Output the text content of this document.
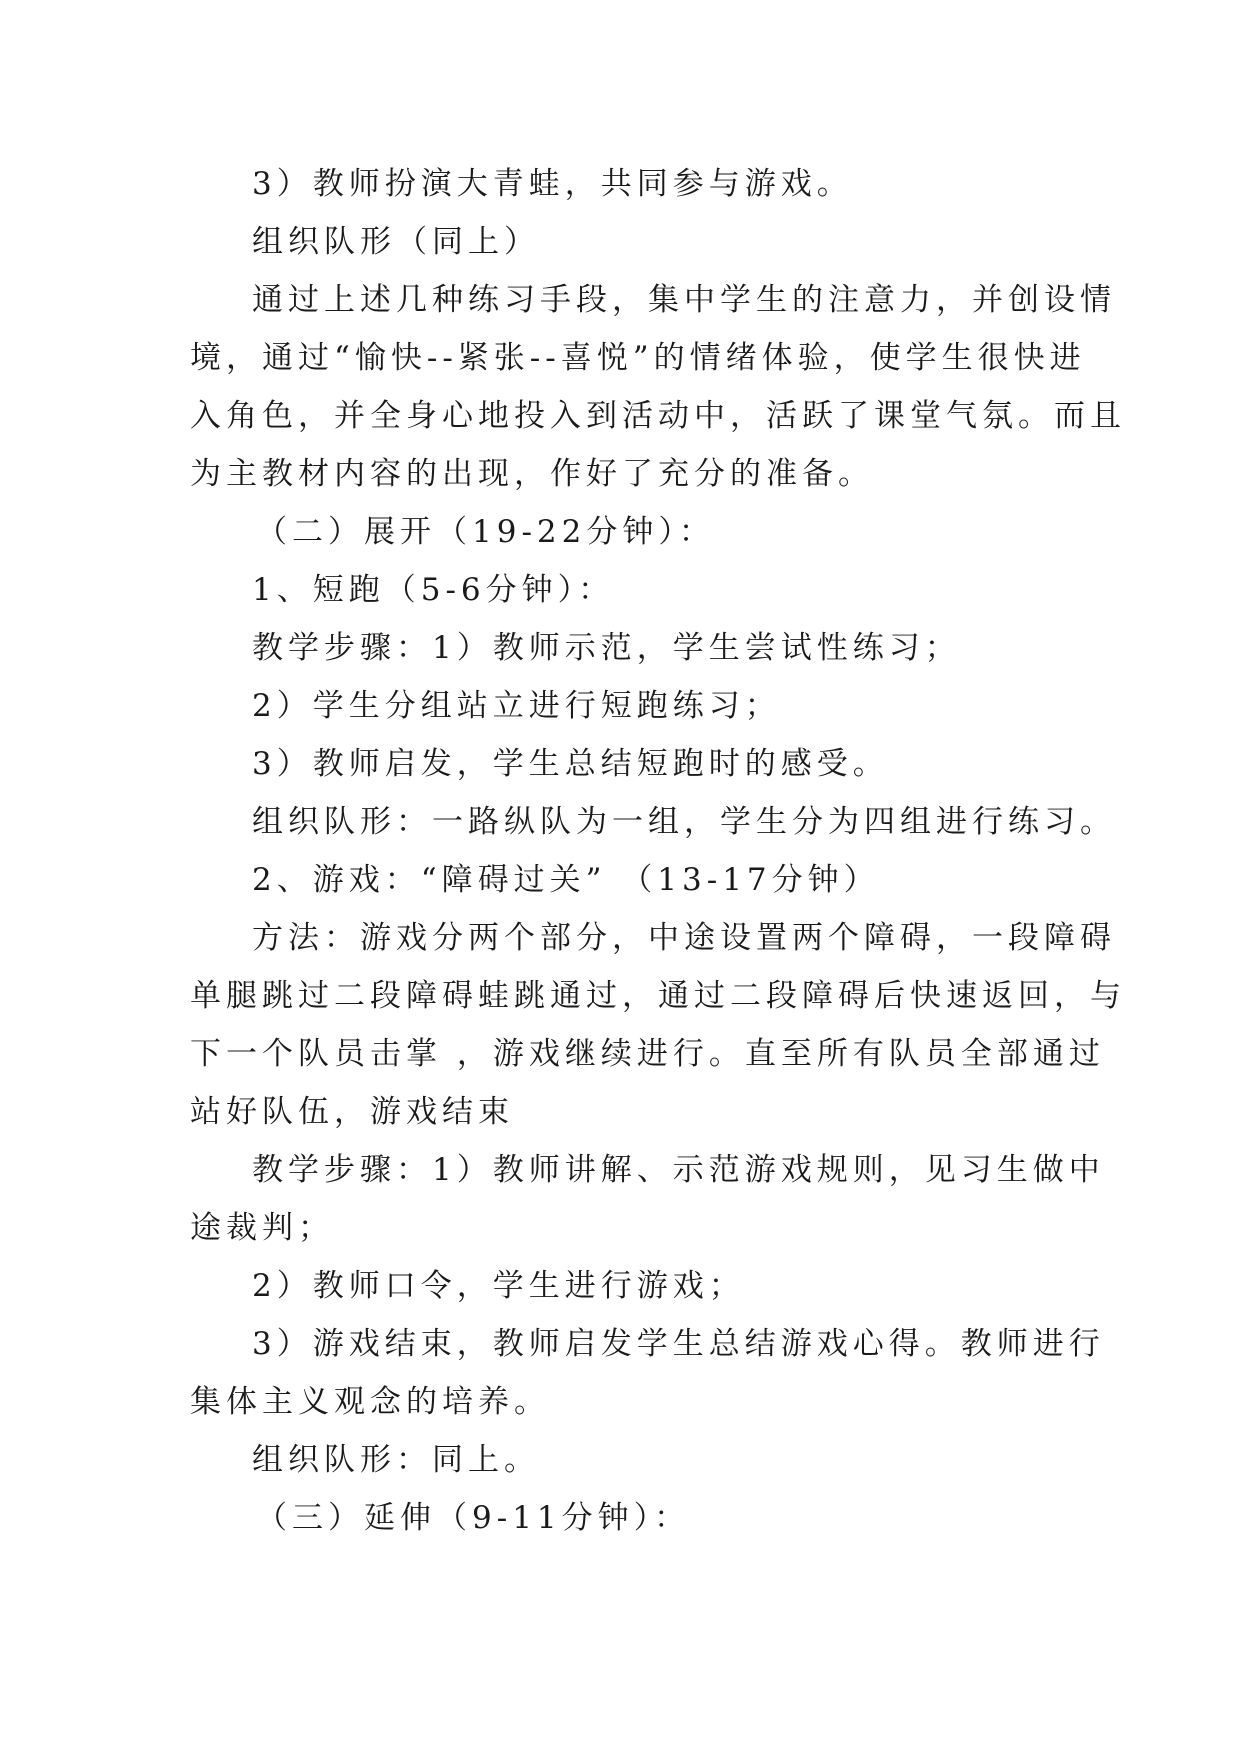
3）教师扮演大青蛙，共同参与游戏。
组织队形（同上）
通过上述几种练习手段，集中学生的注意力，并创设情
境，通过“愉快--紧张--喜悦”的情绪体验，使学生很快进
入角色，并全身心地投入到活动中，活跃了课堂气氛。而且
为主教材内容的出现，作好了充分的准备。
（二）展开（19-22分钟）：
1、短跑（5-6分钟）：
教学步骤：1）教师示范，学生尝试性练习；
2）学生分组站立进行短跑练习；
3）教师启发，学生总结短跑时的感受。
组织队形：一路纵队为一组，学生分为四组进行练习。
2、游戏：“障碍过关” （13-17分钟）
方法：游戏分两个部分，中途设置两个障碍，一段障碍
单腿跳过二段障碍蛙跳通过，通过二段障碍后快速返回，与
下一个队员击掌 ，游戏继续进行。直至所有队员全部通过
站好队伍，游戏结束
教学步骤：1）教师讲解、示范游戏规则，见习生做中
途裁判；
2）教师口令，学生进行游戏；
3）游戏结束，教师启发学生总结游戏心得。教师进行
集体主义观念的培养。
组织队形：同上。
（三）延伸（9-11分钟）：
